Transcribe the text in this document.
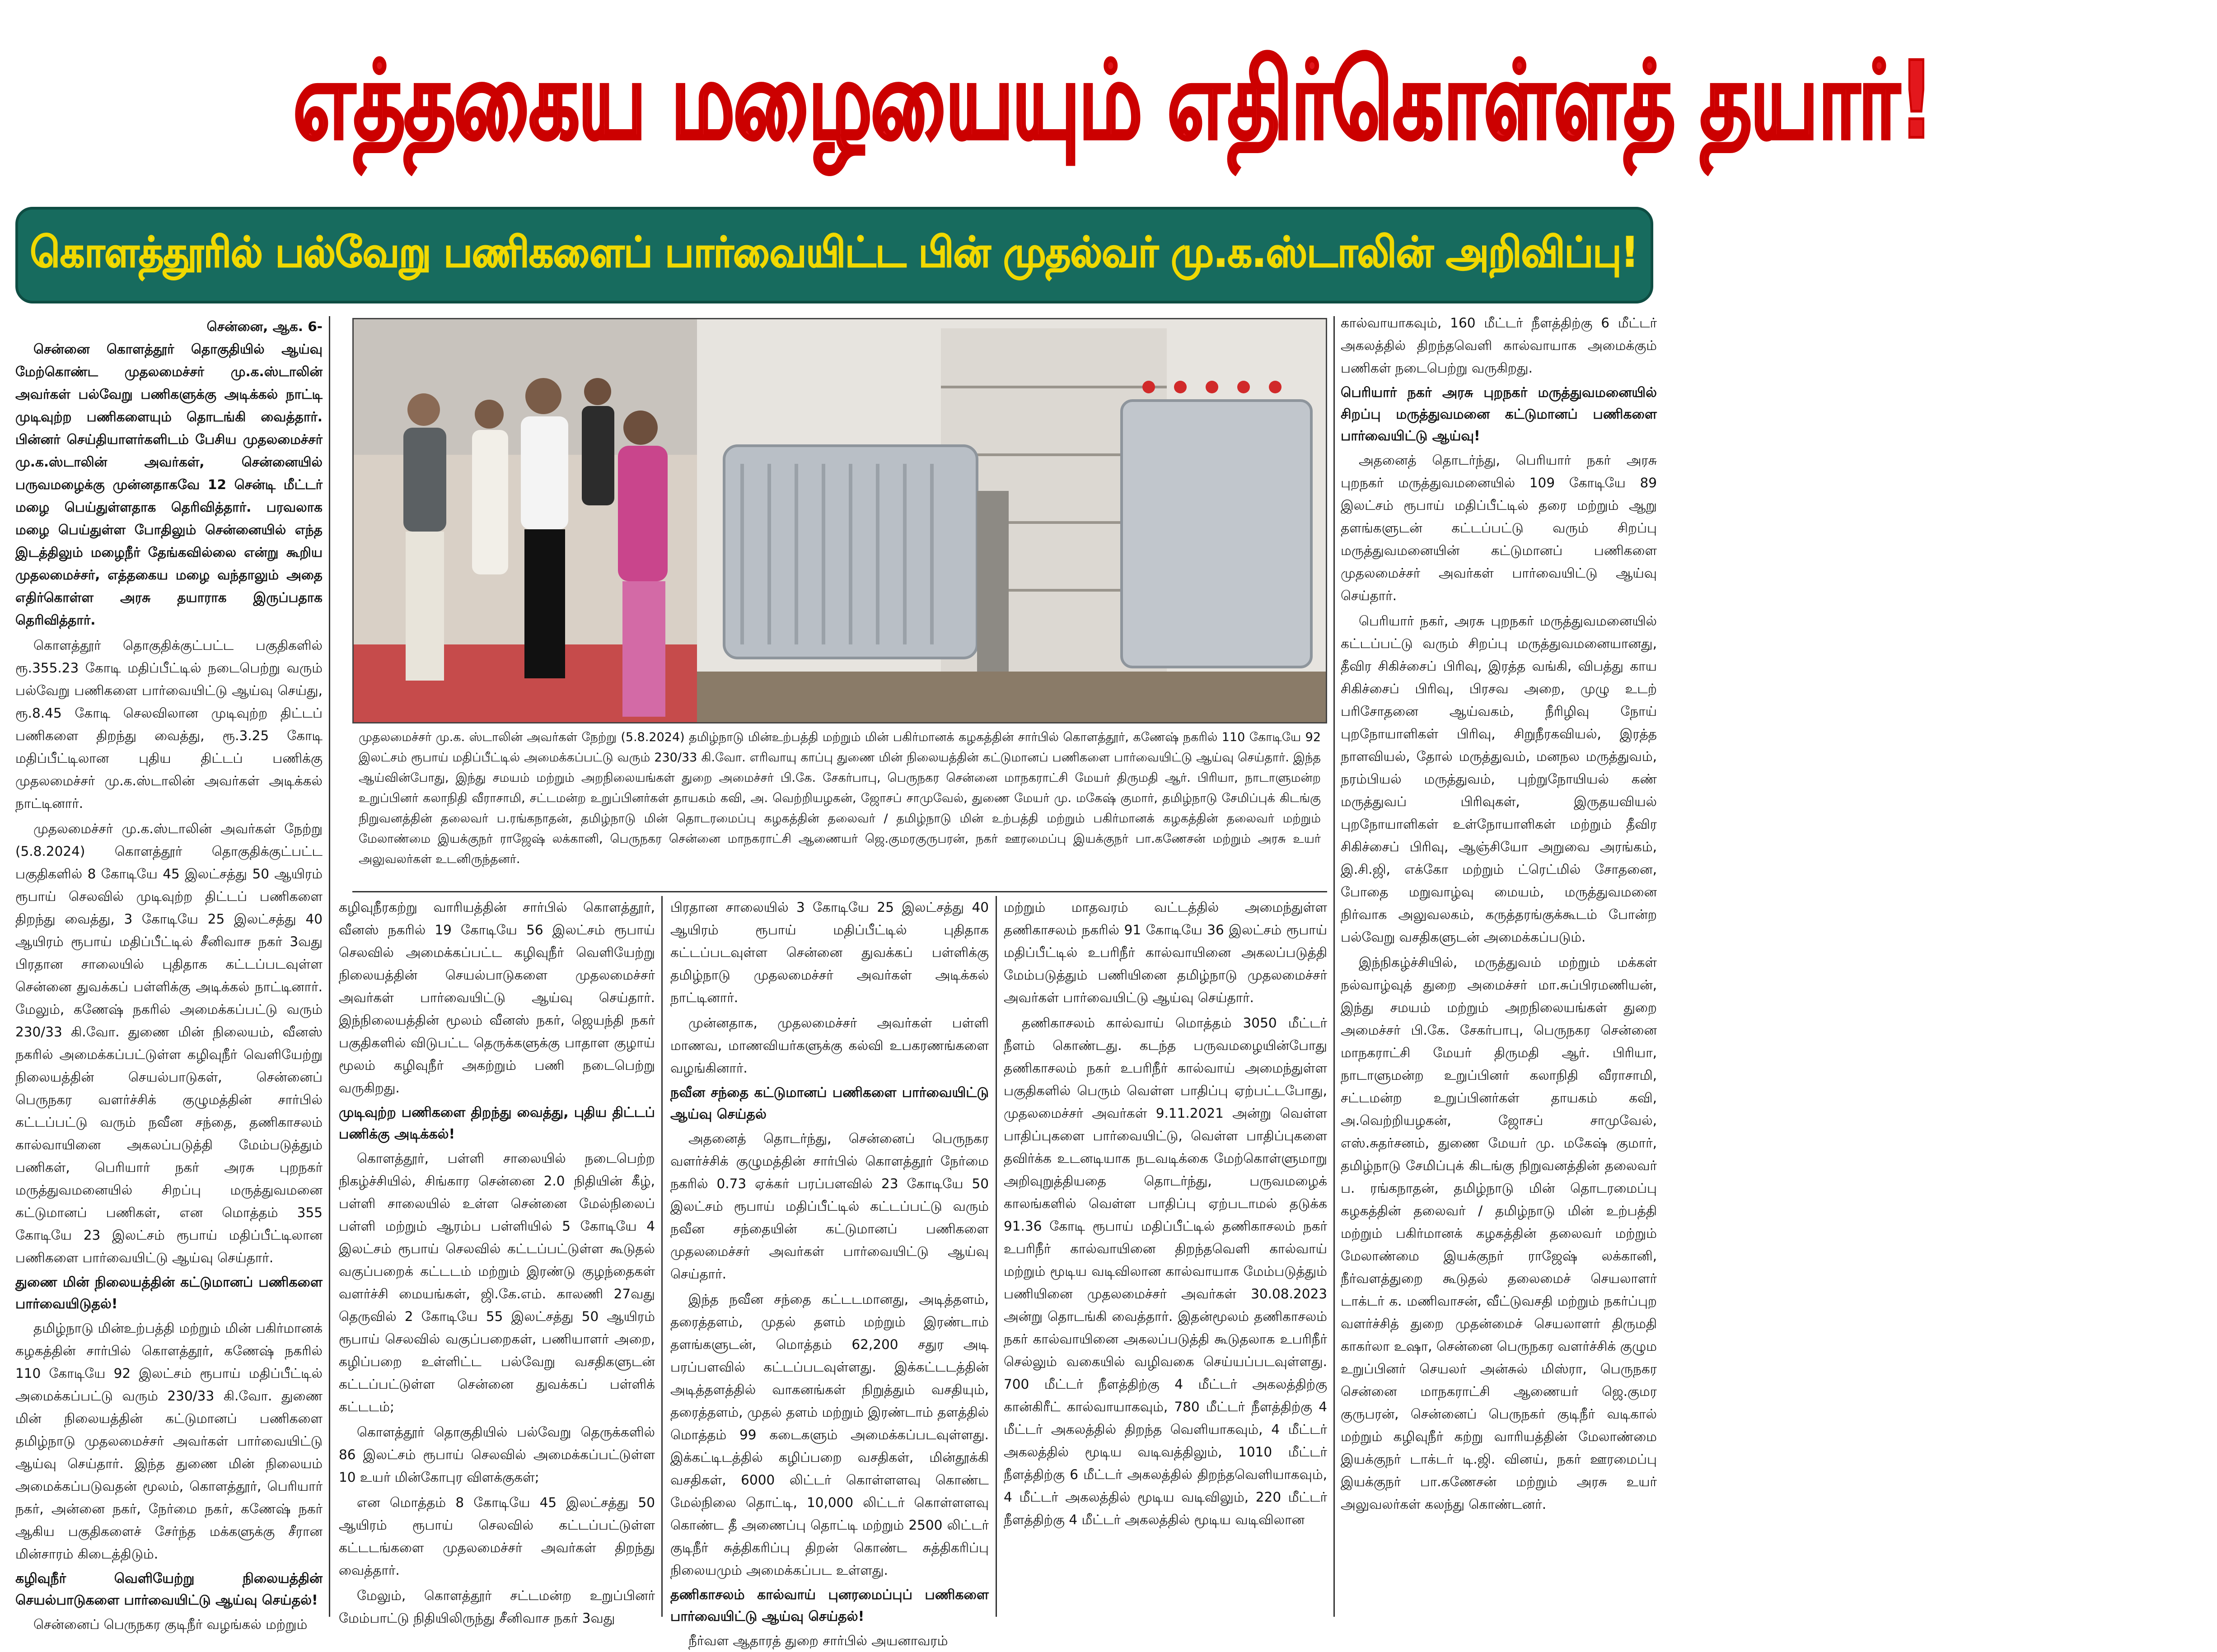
எத்தகைய மழையையும் எதிர்கொள்ளத் தயார்!
கொளத்தூரில் பல்வேறு பணிகளைப் பார்வையிட்ட பின் முதல்வர் மு.க.ஸ்டாலின் அறிவிப்பு!

சென்னை, ஆக. 6-

சென்னை கொளத்தூர் தொகுதியில் ஆய்வு மேற்கொண்ட முதலமைச்சர் மு.க.ஸ்டாலின் அவர்கள் பல்வேறு பணிகளுக்கு அடிக்கல் நாட்டி முடிவுற்ற பணிகளையும் தொடங்கி வைத்தார். பின்னர் செய்தியாளர்களிடம் பேசிய முதலமைச்சர் மு.க.ஸ்டாலின் அவர்கள், சென்னையில் பருவமழைக்கு முன்னதாகவே 12 சென்டி மீட்டர் மழை பெய்துள்ளதாக தெரிவித்தார். பரவலாக மழை பெய்துள்ள போதிலும் சென்னையில் எந்த இடத்திலும் மழைநீர் தேங்கவில்லை என்று கூறிய முதலமைச்சர், எத்தகைய மழை வந்தாலும் அதை எதிர்கொள்ள அரசு தயாராக இருப்பதாக தெரிவித்தார்.

கொளத்தூர் தொகுதிக்குட்பட்ட பகுதிகளில் ரூ.355.23 கோடி மதிப்பீட்டில் நடைபெற்று வரும் பல்வேறு பணிகளை பார்வையிட்டு ஆய்வு செய்து, ரூ.8.45 கோடி செலவிலான முடிவுற்ற திட்டப் பணிகளை திறந்து வைத்து, ரூ.3.25 கோடி மதிப்பீட்டிலான புதிய திட்டப் பணிக்கு முதலமைச்சர் மு.க.ஸ்டாலின் அவர்கள் அடிக்கல் நாட்டினார்.

முதலமைச்சர் மு.க.ஸ்டாலின் அவர்கள் நேற்று (5.8.2024) கொளத்தூர் தொகுதிக்குட்பட்ட பகுதிகளில் 8 கோடியே 45 இலட்சத்து 50 ஆயிரம் ரூபாய் செலவில் முடிவுற்ற திட்டப் பணிகளை திறந்து வைத்து, 3 கோடியே 25 இலட்சத்து 40 ஆயிரம் ரூபாய் மதிப்பீட்டில் சீனிவாச நகர் 3வது பிரதான சாலையில் புதிதாக கட்டப்படவுள்ள சென்னை துவக்கப் பள்ளிக்கு அடிக்கல் நாட்டினார். மேலும், கணேஷ் நகரில் அமைக்கப்பட்டு வரும் 230/33 கி.வோ. துணை மின் நிலையம், வீனஸ் நகரில் அமைக்கப்பட்டுள்ள கழிவுநீர் வெளியேற்று நிலையத்தின் செயல்பாடுகள், சென்னைப் பெருநகர வளர்ச்சிக் குழுமத்தின் சார்பில் கட்டப்பட்டு வரும் நவீன சந்தை, தணிகாசலம் கால்வாயினை அகலப்படுத்தி மேம்படுத்தும் பணிகள், பெரியார் நகர் அரசு புறநகர் மருத்துவமனையில் சிறப்பு மருத்துவமனை கட்டுமானப் பணிகள், என மொத்தம் 355 கோடியே 23 இலட்சம் ரூபாய் மதிப்பீட்டிலான பணிகளை பார்வையிட்டு ஆய்வு செய்தார்.

துணை மின் நிலையத்தின் கட்டுமானப் பணிகளை பார்வையிடுதல்!

தமிழ்நாடு மின்உற்பத்தி மற்றும் மின் பகிர்மானக் கழகத்தின் சார்பில் கொளத்தூர், கணேஷ் நகரில் 110 கோடியே 92 இலட்சம் ரூபாய் மதிப்பீட்டில் அமைக்கப்பட்டு வரும் 230/33 கி.வோ. துணை மின் நிலையத்தின் கட்டுமானப் பணிகளை தமிழ்நாடு முதலமைச்சர் அவர்கள் பார்வையிட்டு ஆய்வு செய்தார். இந்த துணை மின் நிலையம் அமைக்கப்படுவதன் மூலம், கொளத்தூர், பெரியார் நகர், அன்னை நகர், நேர்மை நகர், கணேஷ் நகர் ஆகிய பகுதிகளைச் சேர்ந்த மக்களுக்கு சீரான மின்சாரம் கிடைத்திடும்.

கழிவுநீர் வெளியேற்று நிலையத்தின் செயல்பாடுகளை பார்வையிட்டு ஆய்வு செய்தல்!

சென்னைப் பெருநகர குடிநீர் வழங்கல் மற்றும்

முதலமைச்சர் மு.க. ஸ்டாலின் அவர்கள் நேற்று (5.8.2024) தமிழ்நாடு மின்உற்பத்தி மற்றும் மின் பகிர்மானக் கழகத்தின் சார்பில் கொளத்தூர், கணேஷ் நகரில் 110 கோடியே 92 இலட்சம் ரூபாய் மதிப்பீட்டில் அமைக்கப்பட்டு வரும் 230/33 கி.வோ. எரிவாயு காப்பு துணை மின் நிலையத்தின் கட்டுமானப் பணிகளை பார்வையிட்டு ஆய்வு செய்தார். இந்த ஆய்வின்போது, இந்து சமயம் மற்றும் அறநிலையங்கள் துறை அமைச்சர் பி.கே. சேகர்பாபு, பெருநகர சென்னை மாநகராட்சி மேயர் திருமதி ஆர். பிரியா, நாடாளுமன்ற உறுப்பினர் கலாநிதி வீராசாமி, சட்டமன்ற உறுப்பினர்கள் தாயகம் கவி, அ. வெற்றியழகன், ஜோசப் சாமுவேல், துணை மேயர் மு. மகேஷ் குமார், தமிழ்நாடு சேமிப்புக் கிடங்கு நிறுவனத்தின் தலைவர் ப.ரங்கநாதன், தமிழ்நாடு மின் தொடரமைப்பு கழகத்தின் தலைவர் / தமிழ்நாடு மின் உற்பத்தி மற்றும் பகிர்மானக் கழகத்தின் தலைவர் மற்றும் மேலாண்மை இயக்குநர் ராஜேஷ் லக்கானி, பெருநகர சென்னை மாநகராட்சி ஆணையர் ஜெ.குமரகுருபரன், நகர் ஊரமைப்பு இயக்குநர் பா.கணேசன் மற்றும் அரசு உயர் அலுவலர்கள் உடனிருந்தனர்.

கழிவுநீரகற்று வாரியத்தின் சார்பில் கொளத்தூர், வீனஸ் நகரில் 19 கோடியே 56 இலட்சம் ரூபாய் செலவில் அமைக்கப்பட்ட கழிவுநீர் வெளியேற்று நிலையத்தின் செயல்பாடுகளை முதலமைச்சர் அவர்கள் பார்வையிட்டு ஆய்வு செய்தார். இந்நிலையத்தின் மூலம் வீனஸ் நகர், ஜெயந்தி நகர் பகுதிகளில் விடுபட்ட தெருக்களுக்கு பாதாள குழாய் மூலம் கழிவுநீர் அகற்றும் பணி நடைபெற்று வருகிறது.

முடிவுற்ற பணிகளை திறந்து வைத்து, புதிய திட்டப் பணிக்கு அடிக்கல்!

கொளத்தூர், பள்ளி சாலையில் நடைபெற்ற நிகழ்ச்சியில், சிங்கார சென்னை 2.0 நிதியின் கீழ், பள்ளி சாலையில் உள்ள சென்னை மேல்நிலைப் பள்ளி மற்றும் ஆரம்ப பள்ளியில் 5 கோடியே 4 இலட்சம் ரூபாய் செலவில் கட்டப்பட்டுள்ள கூடுதல் வகுப்பறைக் கட்டடம் மற்றும் இரண்டு குழந்தைகள் வளர்ச்சி மையங்கள், ஜி.கே.எம். காலணி 27வது தெருவில் 2 கோடியே 55 இலட்சத்து 50 ஆயிரம் ரூபாய் செலவில் வகுப்பறைகள், பணியாளர் அறை, கழிப்பறை உள்ளிட்ட பல்வேறு வசதிகளுடன் கட்டப்பட்டுள்ள சென்னை துவக்கப் பள்ளிக் கட்டடம்;

கொளத்தூர் தொகுதியில் பல்வேறு தெருக்களில் 86 இலட்சம் ரூபாய் செலவில் அமைக்கப்பட்டுள்ள 10 உயர் மின்கோபுர விளக்குகள்;

என மொத்தம் 8 கோடியே 45 இலட்சத்து 50 ஆயிரம் ரூபாய் செலவில் கட்டப்பட்டுள்ள கட்டடங்களை முதலமைச்சர் அவர்கள் திறந்து வைத்தார்.

மேலும், கொளத்தூர் சட்டமன்ற உறுப்பினர் மேம்பாட்டு நிதியிலிருந்து சீனிவாச நகர் 3வது

பிரதான சாலையில் 3 கோடியே 25 இலட்சத்து 40 ஆயிரம் ரூபாய் மதிப்பீட்டில் புதிதாக கட்டப்படவுள்ள சென்னை துவக்கப் பள்ளிக்கு தமிழ்நாடு முதலமைச்சர் அவர்கள் அடிக்கல் நாட்டினார்.

முன்னதாக, முதலமைச்சர் அவர்கள் பள்ளி மாணவ, மாணவியர்களுக்கு கல்வி உபகரணங்களை வழங்கினார்.

நவீன சந்தை கட்டுமானப் பணிகளை பார்வையிட்டு ஆய்வு செய்தல்

அதனைத் தொடர்ந்து, சென்னைப் பெருநகர வளர்ச்சிக் குழுமத்தின் சார்பில் கொளத்தூர் நேர்மை நகரில் 0.73 ஏக்கர் பரப்பளவில் 23 கோடியே 50 இலட்சம் ரூபாய் மதிப்பீட்டில் கட்டப்பட்டு வரும் நவீன சந்தையின் கட்டுமானப் பணிகளை முதலமைச்சர் அவர்கள் பார்வையிட்டு ஆய்வு செய்தார்.

இந்த நவீன சந்தை கட்டடமானது, அடித்தளம், தரைத்தளம், முதல் தளம் மற்றும் இரண்டாம் தளங்களுடன், மொத்தம் 62,200 சதுர அடி பரப்பளவில் கட்டப்படவுள்ளது. இக்கட்டடத்தின் அடித்தளத்தில் வாகனங்கள் நிறுத்தும் வசதியும், தரைத்தளம், முதல் தளம் மற்றும் இரண்டாம் தளத்தில் மொத்தம் 99 கடைகளும் அமைக்கப்படவுள்ளது. இக்கட்டிடத்தில் கழிப்பறை வசதிகள், மின்தூக்கி வசதிகள், 6000 லிட்டர் கொள்ளளவு கொண்ட மேல்நிலை தொட்டி, 10,000 லிட்டர் கொள்ளளவு கொண்ட தீ அணைப்பு தொட்டி மற்றும் 2500 லிட்டர் குடிநீர் சுத்திகரிப்பு திறன் கொண்ட சுத்திகரிப்பு நிலையமும் அமைக்கப்பட உள்ளது.

தணிகாசலம் கால்வாய் புனரமைப்புப் பணிகளை பார்வையிட்டு ஆய்வு செய்தல்!

நீர்வள ஆதாரத் துறை சார்பில் அயனாவரம்

மற்றும் மாதவரம் வட்டத்தில் அமைந்துள்ள தணிகாசலம் நகரில் 91 கோடியே 36 இலட்சம் ரூபாய் மதிப்பீட்டில் உபரிநீர் கால்வாயினை அகலப்படுத்தி மேம்படுத்தும் பணியினை தமிழ்நாடு முதலமைச்சர் அவர்கள் பார்வையிட்டு ஆய்வு செய்தார்.

தணிகாசலம் கால்வாய் மொத்தம் 3050 மீட்டர் நீளம் கொண்டது. கடந்த பருவமழையின்போது தணிகாசலம் நகர் உபரிநீர் கால்வாய் அமைந்துள்ள பகுதிகளில் பெரும் வெள்ள பாதிப்பு ஏற்பட்டபோது, முதலமைச்சர் அவர்கள் 9.11.2021 அன்று வெள்ள பாதிப்புகளை பார்வையிட்டு, வெள்ள பாதிப்புகளை தவிர்க்க உடனடியாக நடவடிக்கை மேற்கொள்ளுமாறு அறிவுறுத்தியதை தொடர்ந்து, பருவமழைக் காலங்களில் வெள்ள பாதிப்பு ஏற்படாமல் தடுக்க 91.36 கோடி ரூபாய் மதிப்பீட்டில் தணிகாசலம் நகர் உபரிநீர் கால்வாயினை திறந்தவெளி கால்வாய் மற்றும் மூடிய வடிவிலான கால்வாயாக மேம்படுத்தும் பணியினை முதலமைச்சர் அவர்கள் 30.08.2023 அன்று தொடங்கி வைத்தார். இதன்மூலம் தணிகாசலம் நகர் கால்வாயினை அகலப்படுத்தி கூடுதலாக உபரிநீர் செல்லும் வகையில் வழிவகை செய்யப்படவுள்ளது. 700 மீட்டர் நீளத்திற்கு 4 மீட்டர் அகலத்திற்கு கான்கிரீட் கால்வாயாகவும், 780 மீட்டர் நீளத்திற்கு 4 மீட்டர் அகலத்தில் திறந்த வெளியாகவும், 4 மீட்டர் அகலத்தில் மூடிய வடிவத்திலும், 1010 மீட்டர் நீளத்திற்கு 6 மீட்டர் அகலத்தில் திறந்தவெளியாகவும், 4 மீட்டர் அகலத்தில் மூடிய வடிவிலும், 220 மீட்டர் நீளத்திற்கு 4 மீட்டர் அகலத்தில் மூடிய வடிவிலான

கால்வாயாகவும், 160 மீட்டர் நீளத்திற்கு 6 மீட்டர் அகலத்தில் திறந்தவெளி கால்வாயாக அமைக்கும் பணிகள் நடைபெற்று வருகிறது.

பெரியார் நகர் அரசு புறநகர் மருத்துவமனையில் சிறப்பு மருத்துவமனை கட்டுமானப் பணிகளை பார்வையிட்டு ஆய்வு!

அதனைத் தொடர்ந்து, பெரியார் நகர் அரசு புறநகர் மருத்துவமனையில் 109 கோடியே 89 இலட்சம் ரூபாய் மதிப்பீட்டில் தரை மற்றும் ஆறு தளங்களுடன் கட்டப்பட்டு வரும் சிறப்பு மருத்துவமனையின் கட்டுமானப் பணிகளை முதலமைச்சர் அவர்கள் பார்வையிட்டு ஆய்வு செய்தார்.

பெரியார் நகர், அரசு புறநகர் மருத்துவமனையில் கட்டப்பட்டு வரும் சிறப்பு மருத்துவமனையானது, தீவிர சிகிச்சைப் பிரிவு, இரத்த வங்கி, விபத்து காய சிகிச்சைப் பிரிவு, பிரசவ அறை, முழு உடற் பரிசோதனை ஆய்வகம், நீரிழிவு நோய் புறநோயாளிகள் பிரிவு, சிறுநீரகவியல், இரத்த நாளவியல், தோல் மருத்துவம், மனநல மருத்துவம், நரம்பியல் மருத்துவம், புற்றுநோயியல் கண் மருத்துவப் பிரிவுகள், இருதயவியல் புறநோயாளிகள் உள்நோயாளிகள் மற்றும் தீவிர சிகிச்சைப் பிரிவு, ஆஞ்சியோ அறுவை அரங்கம், இ.சி.ஜி, எக்கோ மற்றும் ட்ரெட்மில் சோதனை, போதை மறுவாழ்வு மையம், மருத்துவமனை நிர்வாக அலுவலகம், கருத்தரங்குக்கூடம் போன்ற பல்வேறு வசதிகளுடன் அமைக்கப்படும்.

இந்நிகழ்ச்சியில், மருத்துவம் மற்றும் மக்கள் நல்வாழ்வுத் துறை அமைச்சர் மா.சுப்பிரமணியன், இந்து சமயம் மற்றும் அறநிலையங்கள் துறை அமைச்சர் பி.கே. சேகர்பாபு, பெருநகர சென்னை மாநகராட்சி மேயர் திருமதி ஆர். பிரியா, நாடாளுமன்ற உறுப்பினர் கலாநிதி வீராசாமி, சட்டமன்ற உறுப்பினர்கள் தாயகம் கவி, அ.வெற்றியழகன், ஜோசப் சாமுவேல், எஸ்.சுதர்சனம், துணை மேயர் மு. மகேஷ் குமார், தமிழ்நாடு சேமிப்புக் கிடங்கு நிறுவனத்தின் தலைவர் ப. ரங்கநாதன், தமிழ்நாடு மின் தொடரமைப்பு கழகத்தின் தலைவர் / தமிழ்நாடு மின் உற்பத்தி மற்றும் பகிர்மானக் கழகத்தின் தலைவர் மற்றும் மேலாண்மை இயக்குநர் ராஜேஷ் லக்கானி, நீர்வளத்துறை கூடுதல் தலைமைச் செயலாளர் டாக்டர் க. மணிவாசன், வீட்டுவசதி மற்றும் நகர்ப்புற வளர்ச்சித் துறை முதன்மைச் செயலாளர் திருமதி காகர்லா உஷா, சென்னை பெருநகர வளர்ச்சிக் குழும உறுப்பினர் செயலர் அன்சுல் மிஸ்ரா, பெருநகர சென்னை மாநகராட்சி ஆணையர் ஜெ.குமர குருபரன், சென்னைப் பெருநகர் குடிநீர் வடிகால் மற்றும் கழிவுநீர் கற்று வாரியத்தின் மேலாண்மை இயக்குநர் டாக்டர் டி.ஜி. வினய், நகர் ஊரமைப்பு இயக்குநர் பா.கணேசன் மற்றும் அரசு உயர் அலுவலர்கள் கலந்து கொண்டனர்.
